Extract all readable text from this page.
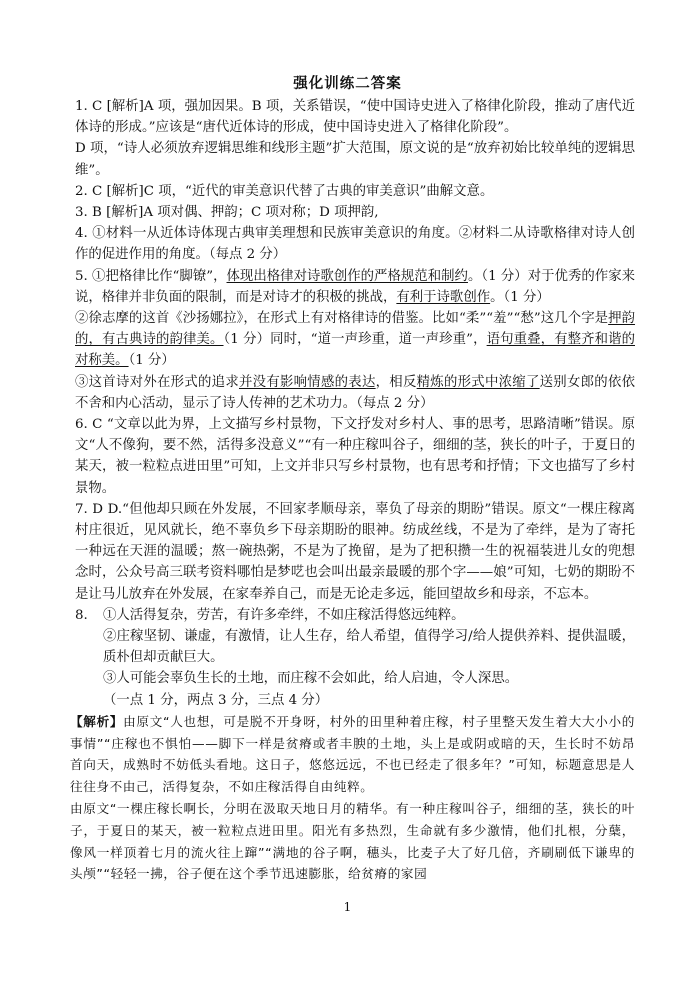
强化训练二答案

1. C [解析]A 项，强加因果。B 项，关系错误，“使中国诗史进入了格律化阶段，推动了唐代近体诗的形成。”应该是“唐代近体诗的形成，使中国诗史进入了格律化阶段”。

D 项，“诗人必须放弃逻辑思维和线形主题”扩大范围，原文说的是“放弃初始比较单纯的逻辑思维”。

2. C [解析]C 项，“近代的审美意识代替了古典的审美意识”曲解文意。

3. B [解析]A 项对偶、押韵；C 项对称；D 项押韵,

4. ①材料一从近体诗体现古典审美理想和民族审美意识的角度。②材料二从诗歌格律对诗人创作的促进作用的角度。（每点 2 分）

5. ①把格律比作“脚镣”，体现出格律对诗歌创作的严格规范和制约。（1 分）对于优秀的作家来说，格律并非负面的限制，而是对诗才的积极的挑战，有利于诗歌创作。（1 分）

②徐志摩的这首《沙扬娜拉》，在形式上有对格律诗的借鉴。比如“柔”“羞”“愁”这几个字是押韵的，有古典诗的韵律美。（1 分）同时，“道一声珍重，道一声珍重”，语句重叠，有整齐和谐的对称美。（1 分）

③这首诗对外在形式的追求并没有影响情感的表达，相反精炼的形式中浓缩了送别女郎的依依不舍和内心活动，显示了诗人传神的艺术功力。（每点 2 分）

6. C “文章以此为界，上文描写乡村景物，下文抒发对乡村人、事的思考，思路清晰”错误。原文“人不像狗，要不然，活得多没意义”“有一种庄稼叫谷子，细细的茎，狭长的叶子，于夏日的某天，被一粒粒点进田里”可知，上文并非只写乡村景物，也有思考和抒情；下文也描写了乡村景物。

7. D D.“但他却只顾在外发展，不回家孝顺母亲，辜负了母亲的期盼”错误。原文“一棵庄稼离村庄很近，见风就长，绝不辜负乡下母亲期盼的眼神。纺成丝线，不是为了牵绊，是为了寄托一种远在天涯的温暖；熬一碗热粥，不是为了挽留，是为了把积攒一生的祝福装进儿女的兜想念时，公众号高三联考资料哪怕是梦呓也会叫出最亲最暖的那个字——娘”可知，七奶的期盼不是让马儿放弃在外发展，在家奉养自己，而是无论走多远，能回望故乡和母亲，不忘本。

8. ①人活得复杂，劳苦，有许多牵绊，不如庄稼活得悠远纯粹。

②庄稼坚韧、谦虚，有激情，让人生存，给人希望，值得学习/给人提供养料、提供温暖，质朴但却贡献巨大。

③人可能会辜负生长的土地，而庄稼不会如此，给人启迪，令人深思。

（一点 1 分，两点 3 分，三点 4 分）

【解析】由原文“人也想，可是脱不开身呀，村外的田里种着庄稼，村子里整天发生着大大小小的事情”“庄稼也不惧怕——脚下一样是贫瘠或者丰腴的土地，头上是或阴或暗的天，生长时不妨昂首向天，成熟时不妨低头看地。这日子，悠悠远远，不也已经走了很多年？”可知，标题意思是人往往身不由己，活得复杂，不如庄稼活得自由纯粹。

由原文“一棵庄稼长啊长，分明在汲取天地日月的精华。有一种庄稼叫谷子，细细的茎，狭长的叶子，于夏日的某天，被一粒粒点进田里。阳光有多热烈，生命就有多少激情，他们扎根，分蘖，像风一样顶着七月的流火往上蹿”“满地的谷子啊，穗头，比麦子大了好几倍，齐刷刷低下谦卑的头颅”“轻轻一拂，谷子便在这个季节迅速膨胀，给贫瘠的家园

1
